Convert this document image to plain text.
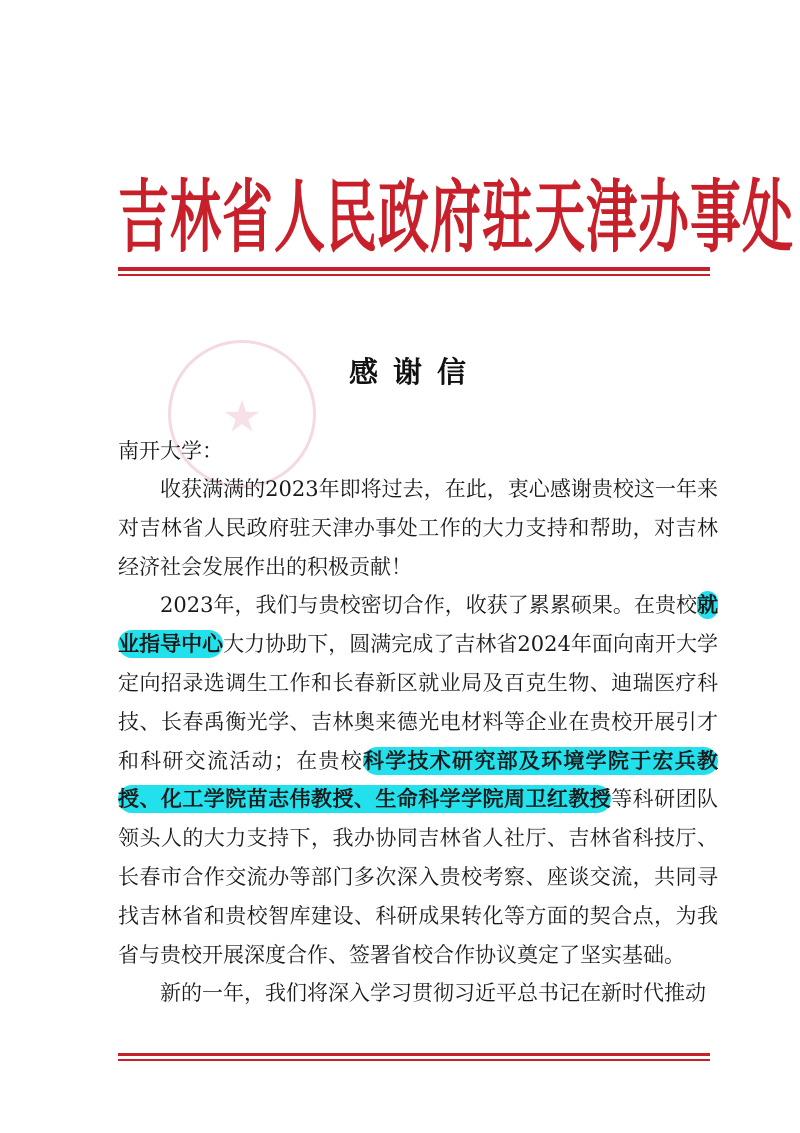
吉林省人民政府驻天津办事处
★
感谢信

南开大学：

收获满满的2023年即将过去，在此，衷心感谢贵校这一年来对吉林省人民政府驻天津办事处工作的大力支持和帮助，对吉林经济社会发展作出的积极贡献！

2023年，我们与贵校密切合作，收获了累累硕果。在贵校就业指导中心大力协助下，圆满完成了吉林省2024年面向南开大学定向招录选调生工作和长春新区就业局及百克生物、迪瑞医疗科技、长春禹衡光学、吉林奥来德光电材料等企业在贵校开展引才和科研交流活动；在贵校科学技术研究部及环境学院于宏兵教授、化工学院苗志伟教授、生命科学学院周卫红教授等科研团队领头人的大力支持下，我办协同吉林省人社厅、吉林省科技厅、长春市合作交流办等部门多次深入贵校考察、座谈交流，共同寻找吉林省和贵校智库建设、科研成果转化等方面的契合点，为我省与贵校开展深度合作、签署省校合作协议奠定了坚实基础。

新的一年，我们将深入学习贯彻习近平总书记在新时代推动
